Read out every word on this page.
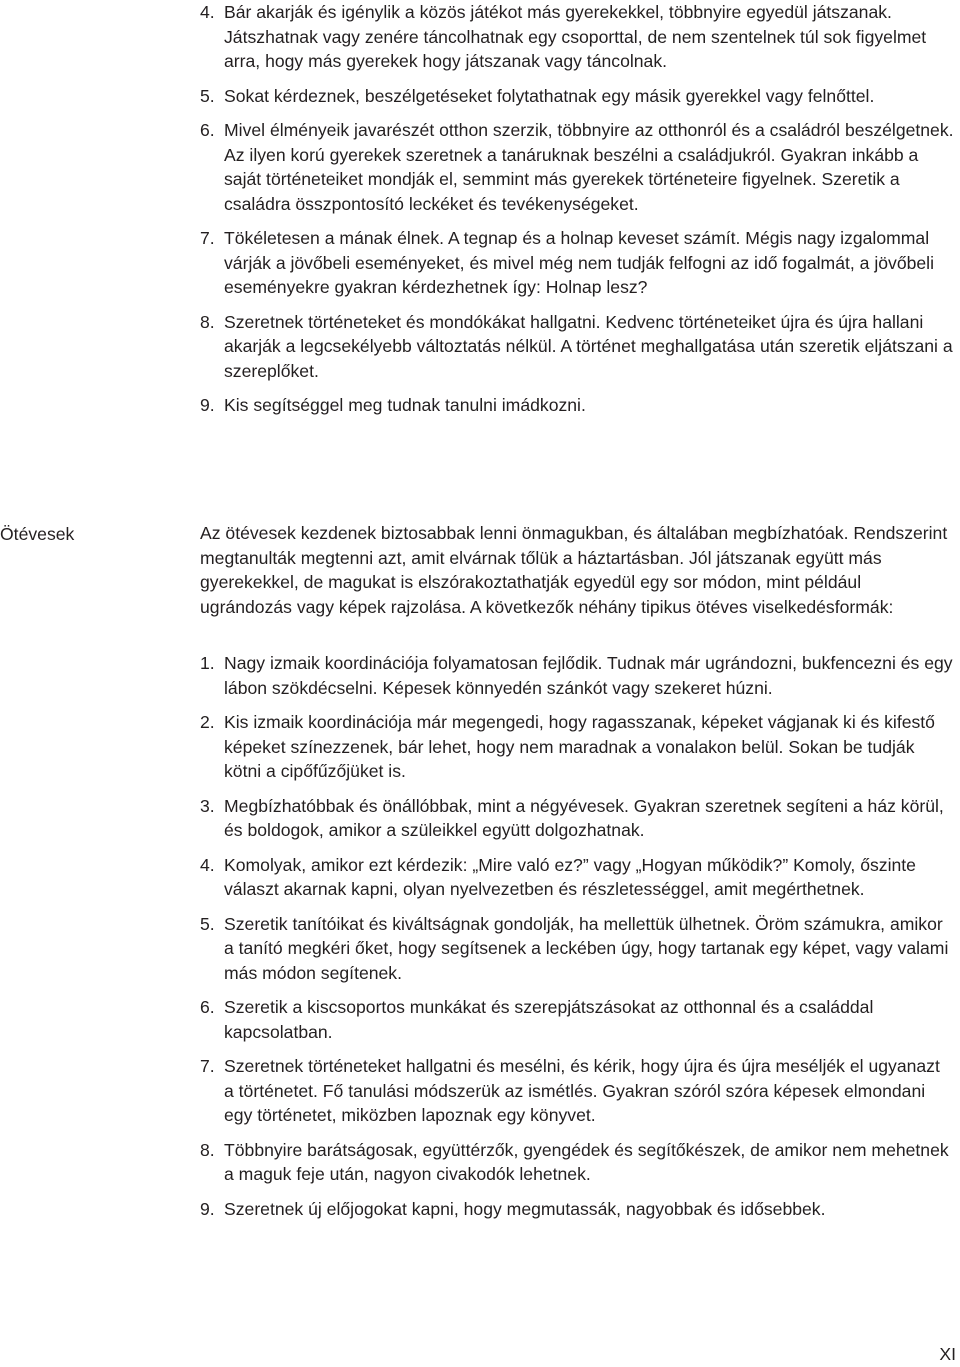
4. Bár akarják és igénylik a közös játékot más gyerekekkel, többnyire egyedül játszanak. Játszhatnak vagy zenére táncolhatnak egy csoporttal, de nem szentelnek túl sok figyelmet arra, hogy más gyerekek hogy játszanak vagy táncolnak.
5. Sokat kérdeznek, beszélgetéseket folytathatnak egy másik gyerekkel vagy felnőttel.
6. Mivel élményeik javarészét otthon szerzik, többnyire az otthonról és a családról beszélgetnek. Az ilyen korú gyerekek szeretnek a tanáruknak beszélni a családjukról. Gyakran inkább a saját történeteiket mondják el, semmint más gyerekek történeteire figyelnek. Szeretik a családra összpontosító leckéket és tevékenységeket.
7. Tökéletesen a mának élnek. A tegnap és a holnap keveset számít. Mégis nagy izgalommal várják a jövőbeli eseményeket, és mivel még nem tudják felfogni az idő fogalmát, a jövőbeli eseményekre gyakran kérdezhetnek így: Holnap lesz?
8. Szeretnek történeteket és mondókákat hallgatni. Kedvenc történeteiket újra és újra hallani akarják a legcsekélyebb változtatás nélkül. A történet meghallgatása után szeretik eljátszani a szereplőket.
9. Kis segítséggel meg tudnak tanulni imádkozni.
Ötévesek	Az ötévesek kezdenek biztosabbak lenni önmagukban, és általában megbízhatóak. Rendszerint megtanulták megtenni azt, amit elvárnak tőlük a háztartásban. Jól játszanak együtt más gyerekekkel, de magukat is elszórakoztathatják egyedül egy sor módon, mint például ugrándozás vagy képek rajzolása. A következők néhány tipikus ötéves viselkedésformák:

1. Nagy izmaik koordinációja folyamatosan fejlődik. Tudnak már ugrándozni, bukfencezni és egy lábon szökdécselni. Képesek könnyedén szánkót vagy szekeret húzni.
2. Kis izmaik koordinációja már megengedi, hogy ragasszanak, képeket vágjanak ki és kifestő képeket színezzenek, bár lehet, hogy nem maradnak a vonalakon belül. Sokan be tudják kötni a cipőfűzőjüket is.
3. Megbízhatóbbak és önállóbbak, mint a négyévesek. Gyakran szeretnek segíteni a ház körül, és boldogok, amikor a szüleikkel együtt dolgozhatnak.
4. Komolyak, amikor ezt kérdezik: „Mire való ez?” vagy „Hogyan működik?” Komoly, őszinte választ akarnak kapni, olyan nyelvezetben és részletességgel, amit megérthetnek.
5. Szeretik tanítóikat és kiváltságnak gondolják, ha mellettük ülhetnek. Öröm számukra, amikor a tanító megkéri őket, hogy segítsenek a leckében úgy, hogy tartanak egy képet, vagy valami más módon segítenek.
6. Szeretik a kiscsoportos munkákat és szerepjátszásokat az otthonnal és a családdal kapcsolatban.
7. Szeretnek történeteket hallgatni és mesélni, és kérik, hogy újra és újra meséljék el ugyanazt a történetet. Fő tanulási módszerük az ismétlés. Gyakran szóról szóra képesek elmondani egy történetet, miközben lapoznak egy könyvet.
8. Többnyire barátságosak, együttérzők, gyengédek és segítőkészek, de amikor nem mehetnek a maguk feje után, nagyon civakodók lehetnek.
9. Szeretnek új előjogokat kapni, hogy megmutassák, nagyobbak és idősebbek.
XI
